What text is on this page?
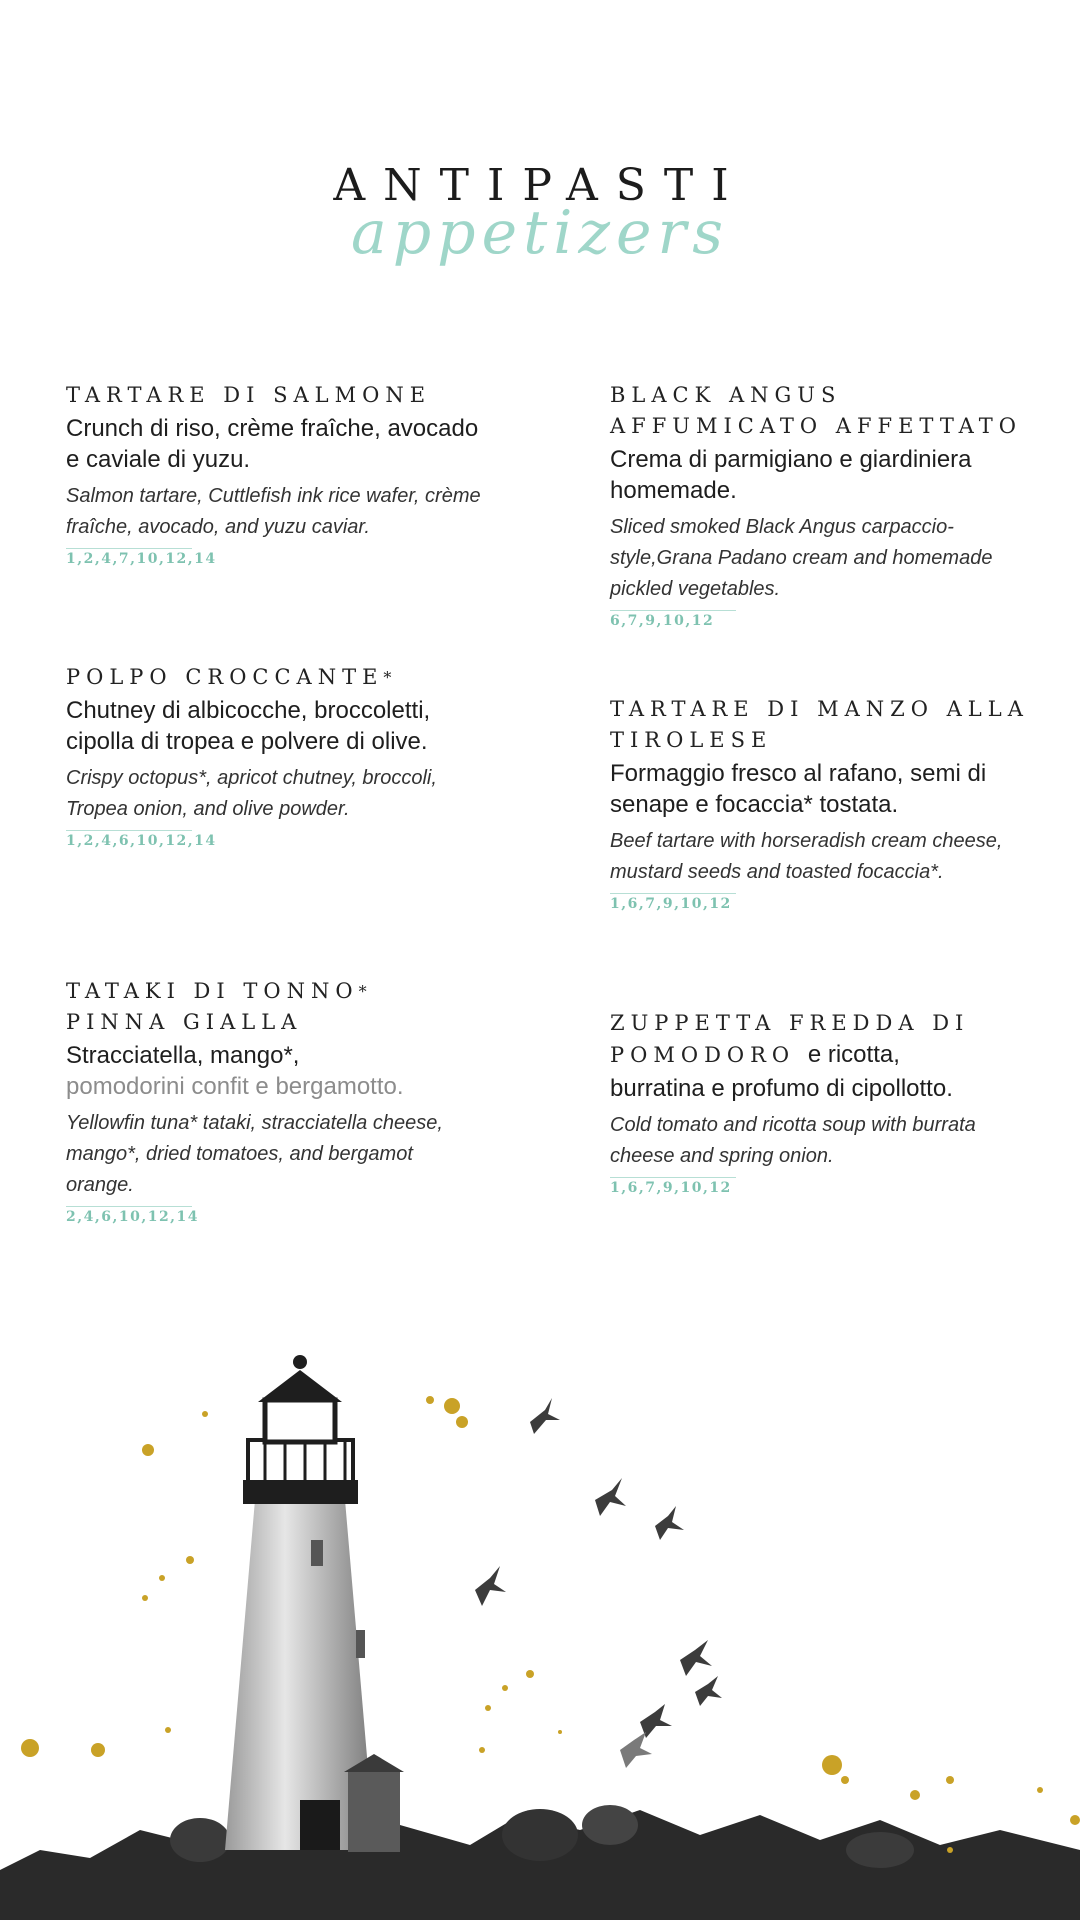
appetizers
ANTIPASTI
TARTARE DI SALMONE

Crunch di riso, crème fraîche, avocado e caviale di yuzu.

Salmon tartare, Cuttlefish ink rice wafer, crème fraîche, avocado, and yuzu caviar.

1,2,4,7,10,12,14
POLPO CROCCANTE*

Chutney di albicocche, broccoletti, cipolla di tropea e polvere di olive.

Crispy octopus*, apricot chutney, broccoli, Tropea onion, and olive powder.

1,2,4,6,10,12,14
TATAKI DI TONNO*
PINNA GIALLA

Stracciatella, mango*,
pomodorini confit e bergamotto.

Yellowfin tuna* tataki, stracciatella cheese, mango*, dried tomatoes, and bergamot orange.

2,4,6,10,12,14
BLACK ANGUS
AFFUMICATO AFFETTATO

Crema di parmigiano e giardiniera homemade.

Sliced smoked Black Angus carpaccio-style,Grana Padano cream and homemade pickled vegetables.

6,7,9,10,12
TARTARE DI MANZO ALLA
TIROLESE

Formaggio fresco al rafano, semi di senape e focaccia* tostata.

Beef tartare with horseradish cream cheese, mustard seeds and toasted focaccia*.

1,6,7,9,10,12
ZUPPETTA FREDDA DI
POMODORO e ricotta,

burratina e profumo di cipollotto.

Cold tomato and ricotta soup with burrata cheese and spring onion.

1,6,7,9,10,12
